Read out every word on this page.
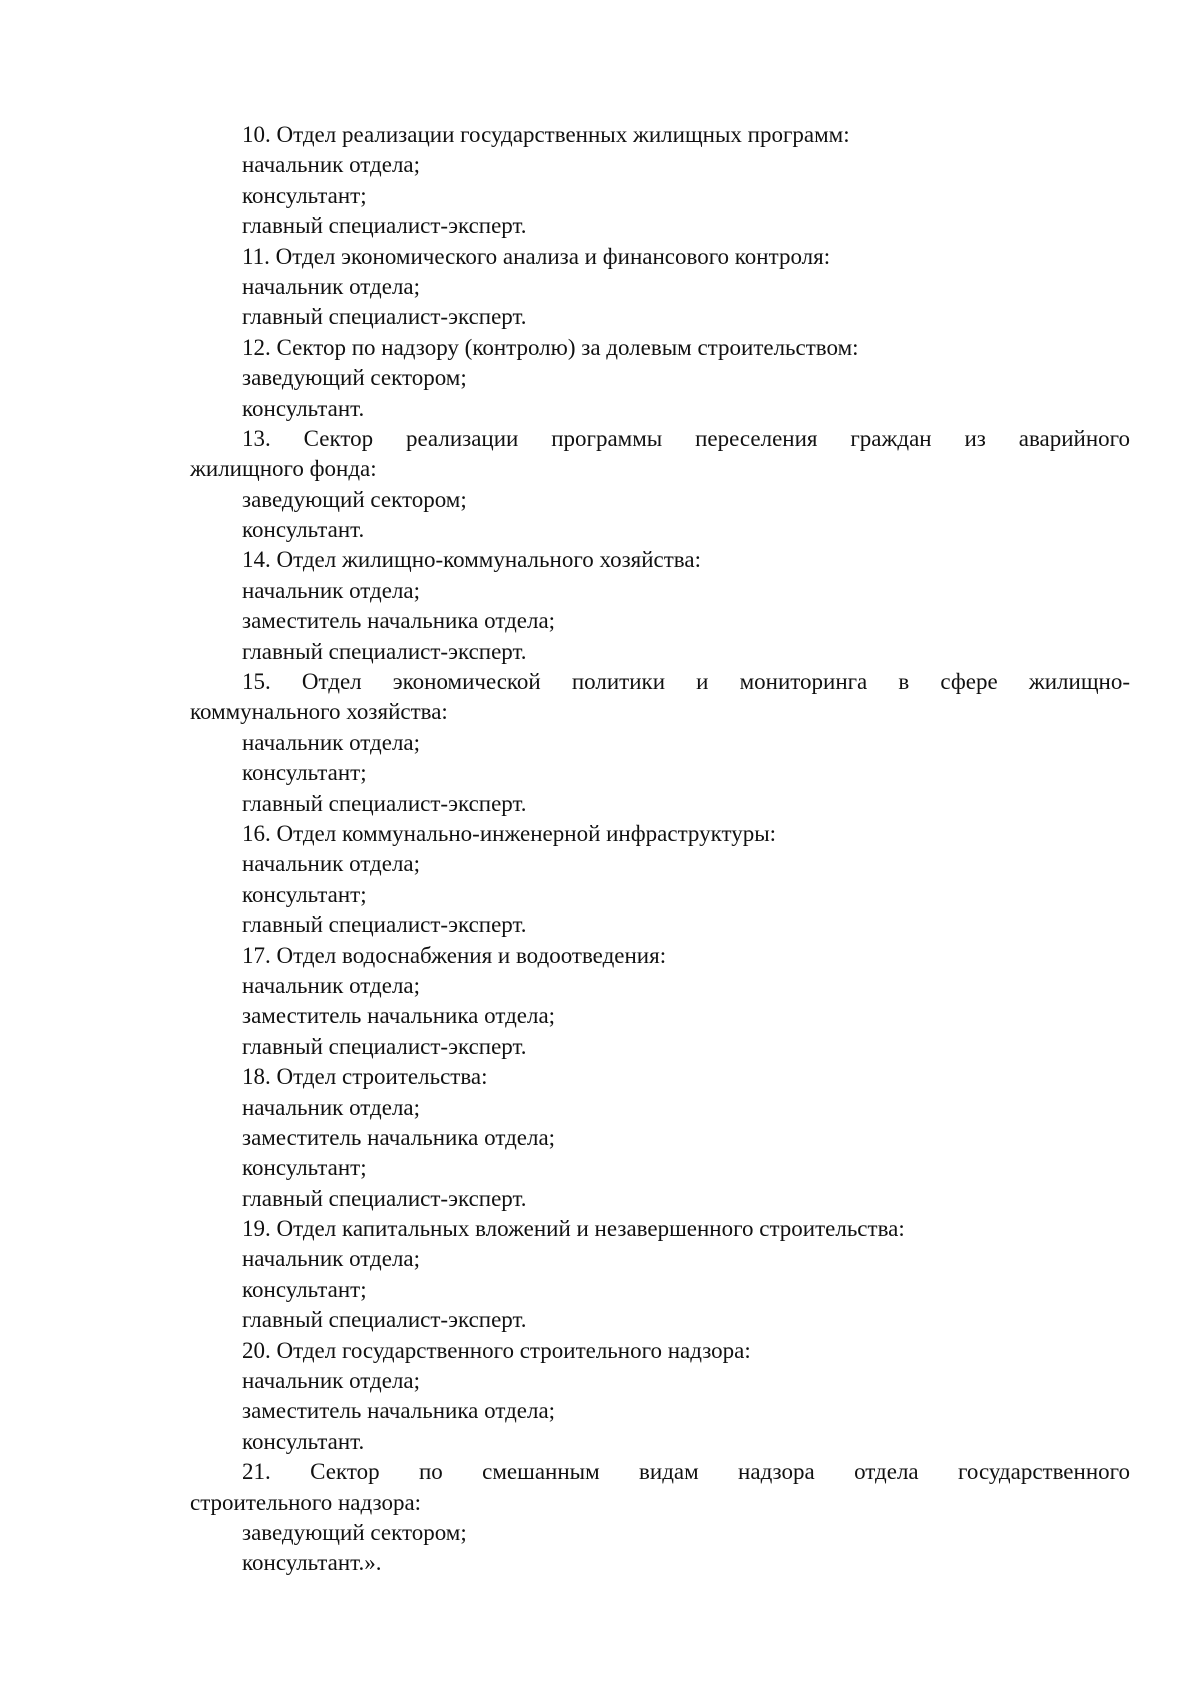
10. Отдел реализации государственных жилищных программ:
начальник отдела;
консультант;
главный специалист-эксперт.
11. Отдел экономического анализа и финансового контроля:
начальник отдела;
главный специалист-эксперт.
12. Сектор по надзору (контролю) за долевым строительством:
заведующий сектором;
консультант.
13. Сектор реализации программы переселения граждан из аварийного
жилищного фонда:
заведующий сектором;
консультант.
14. Отдел жилищно-коммунального хозяйства:
начальник отдела;
заместитель начальника отдела;
главный специалист-эксперт.
15. Отдел экономической политики и мониторинга в сфере жилищно-
коммунального хозяйства:
начальник отдела;
консультант;
главный специалист-эксперт.
16. Отдел коммунально-инженерной инфраструктуры:
начальник отдела;
консультант;
главный специалист-эксперт.
17. Отдел водоснабжения и водоотведения:
начальник отдела;
заместитель начальника отдела;
главный специалист-эксперт.
18. Отдел строительства:
начальник отдела;
заместитель начальника отдела;
консультант;
главный специалист-эксперт.
19. Отдел капитальных вложений и незавершенного строительства:
начальник отдела;
консультант;
главный специалист-эксперт.
20. Отдел государственного строительного надзора:
начальник отдела;
заместитель начальника отдела;
консультант.
21. Сектор по смешанным видам надзора отдела государственного
строительного надзора:
заведующий сектором;
консультант.».
